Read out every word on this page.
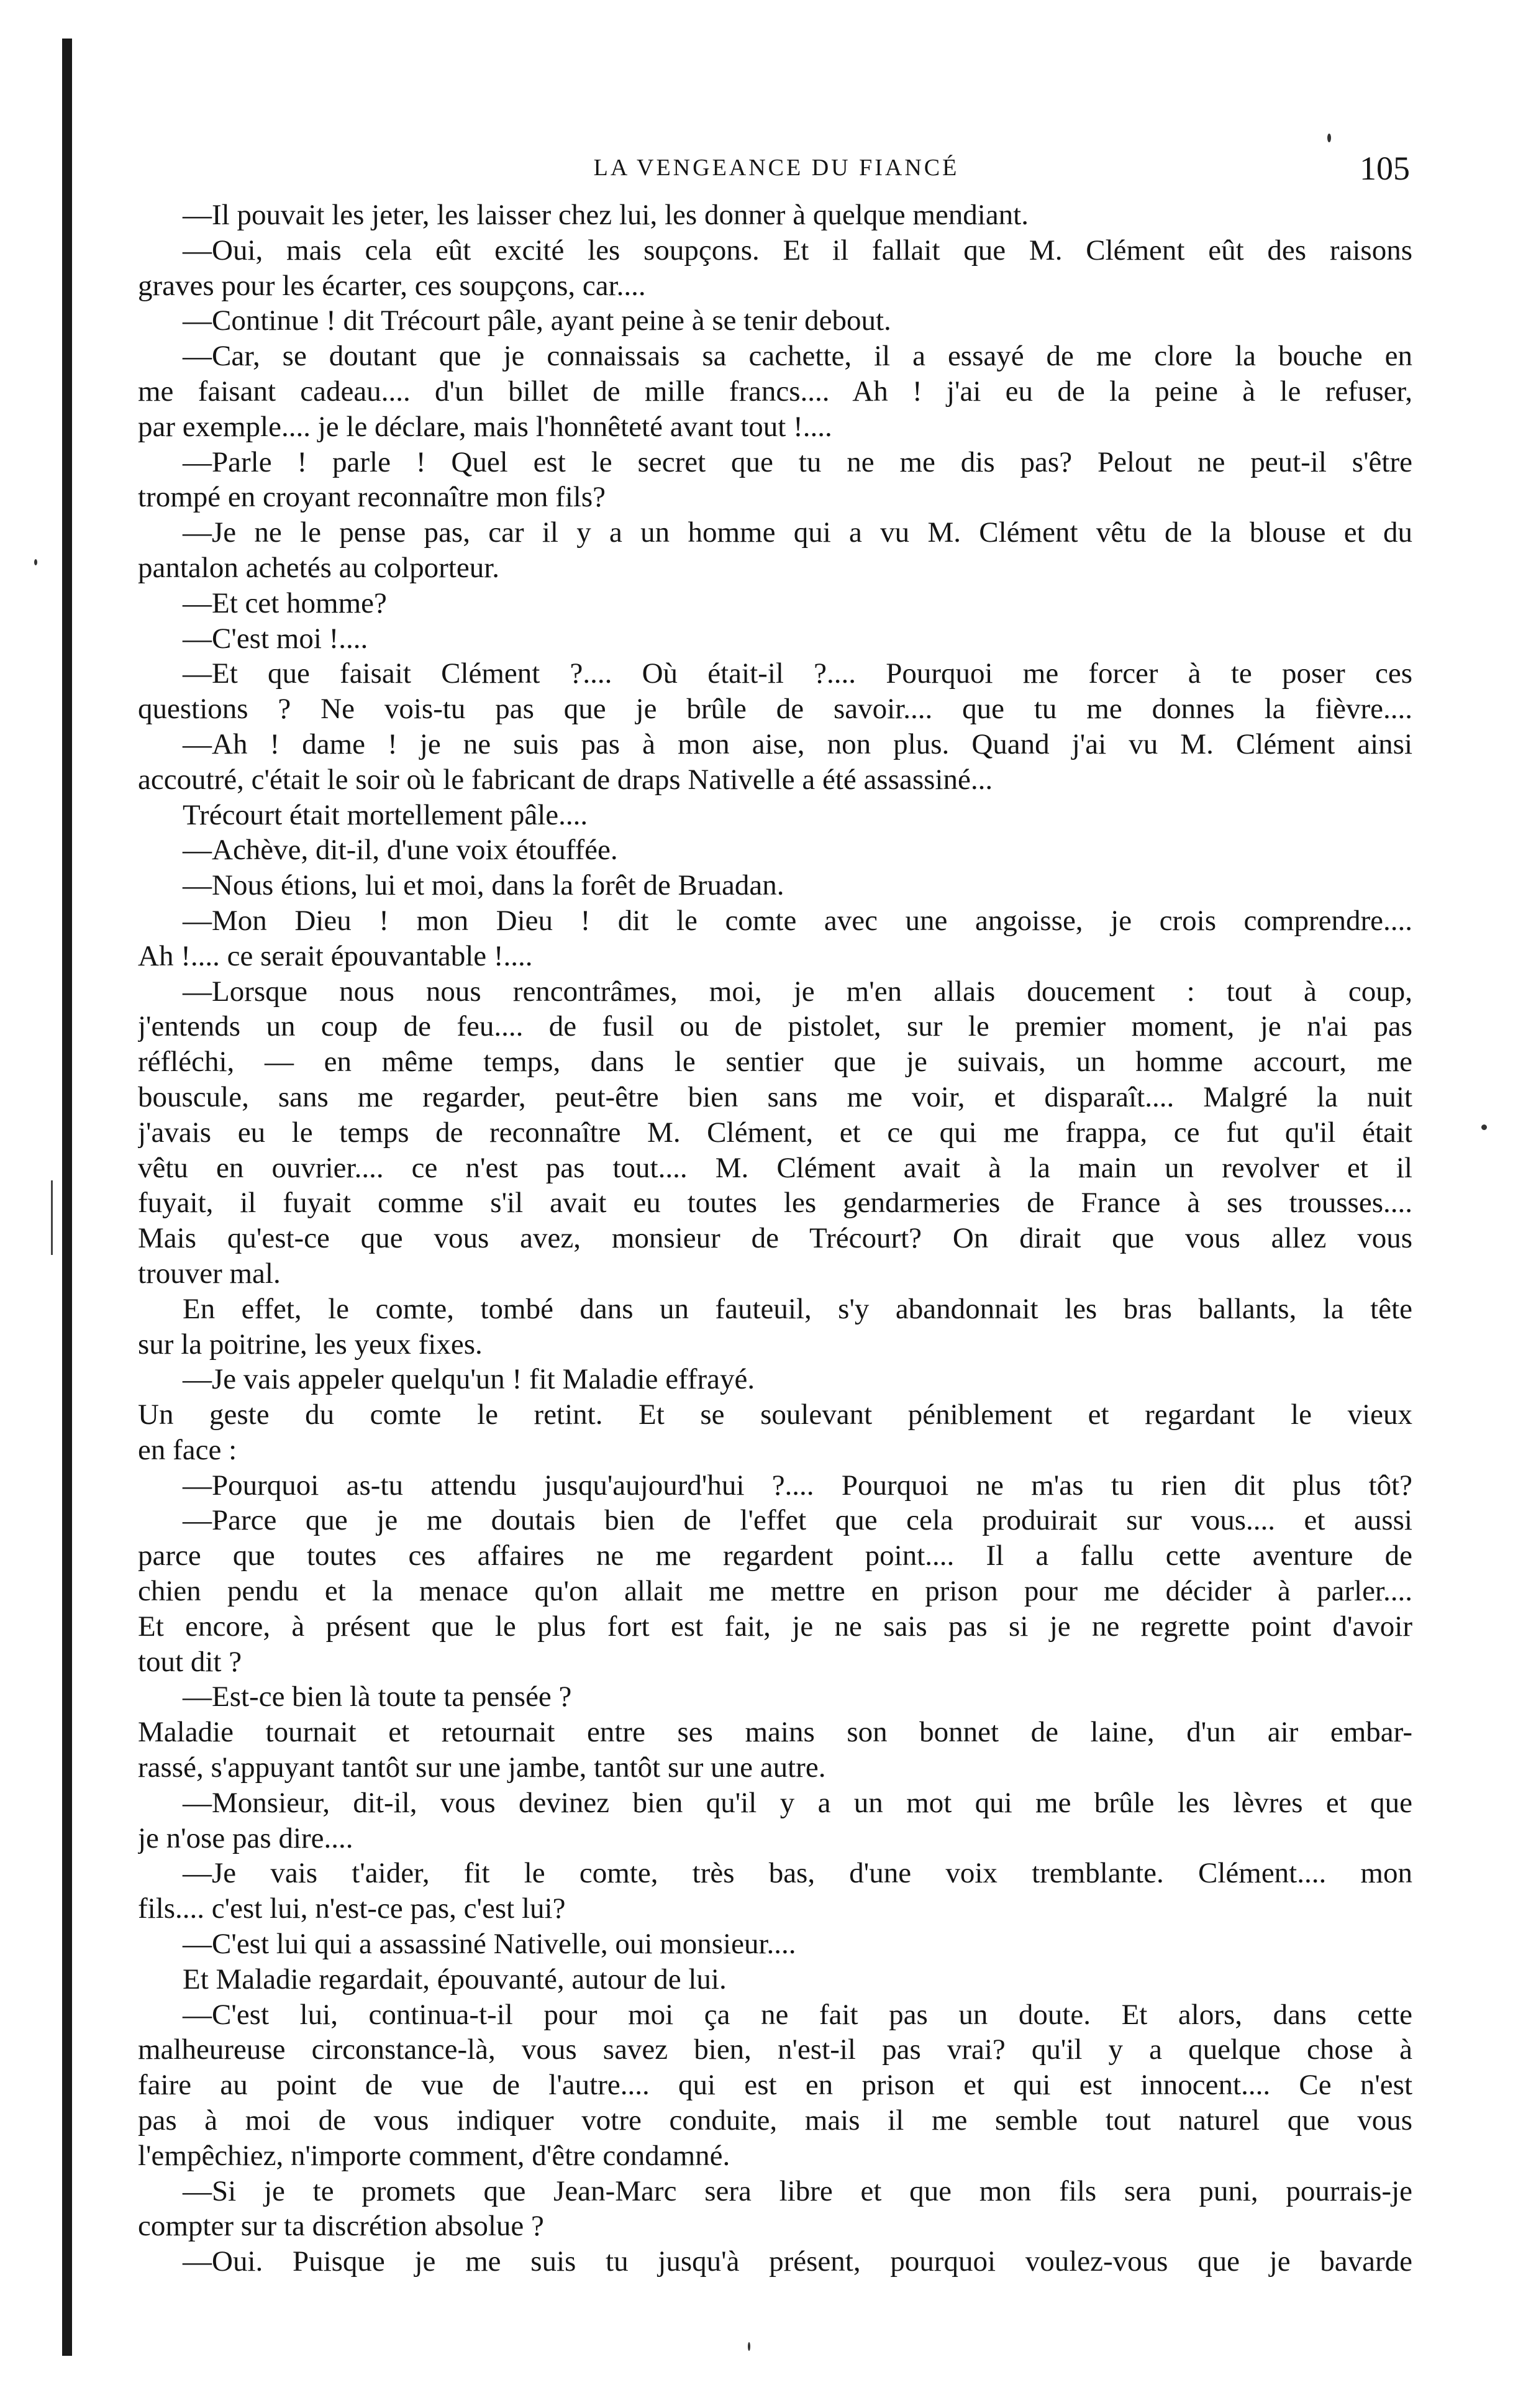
LA VENGEANCE DU FIANCÉ	105
—Il pouvait les jeter, les laisser chez lui, les donner à quelque mendiant.
—Oui, mais cela eût excité les soupçons. Et il fallait que M. Clément eût des raisons
graves pour les écarter, ces soupçons, car....
—Continue ! dit Trécourt pâle, ayant peine à se tenir debout.
—Car, se doutant que je connaissais sa cachette, il a essayé de me clore la bouche en
me faisant cadeau.... d'un billet de mille francs.... Ah ! j'ai eu de la peine à le refuser,
par exemple.... je le déclare, mais l'honnêteté avant tout !....
—Parle ! parle ! Quel est le secret que tu ne me dis pas? Pelout ne peut-il s'être
trompé en croyant reconnaître mon fils?
—Je ne le pense pas, car il y a un homme qui a vu M. Clément vêtu de la blouse et du
pantalon achetés au colporteur.
—Et cet homme?
—C'est moi !....
—Et que faisait Clément ?.... Où était-il ?.... Pourquoi me forcer à te poser ces
questions ? Ne vois-tu pas que je brûle de savoir.... que tu me donnes la fièvre....
—Ah ! dame ! je ne suis pas à mon aise, non plus. Quand j'ai vu M. Clément ainsi
accoutré, c'était le soir où le fabricant de draps Nativelle a été assassiné...
Trécourt était mortellement pâle....
—Achève, dit-il, d'une voix étouffée.
—Nous étions, lui et moi, dans la forêt de Bruadan.
—Mon Dieu ! mon Dieu ! dit le comte avec une angoisse, je crois comprendre....
Ah !.... ce serait épouvantable !....
—Lorsque nous nous rencontrâmes, moi, je m'en allais doucement : tout à coup,
j'entends un coup de feu.... de fusil ou de pistolet, sur le premier moment, je n'ai pas
réfléchi, — en même temps, dans le sentier que je suivais, un homme accourt, me
bouscule, sans me regarder, peut-être bien sans me voir, et disparaît.... Malgré la nuit
j'avais eu le temps de reconnaître M. Clément, et ce qui me frappa, ce fut qu'il était
vêtu en ouvrier.... ce n'est pas tout.... M. Clément avait à la main un revolver et il
fuyait, il fuyait comme s'il avait eu toutes les gendarmeries de France à ses trousses....
Mais qu'est-ce que vous avez, monsieur de Trécourt? On dirait que vous allez vous
trouver mal.
En effet, le comte, tombé dans un fauteuil, s'y abandonnait les bras ballants, la tête
sur la poitrine, les yeux fixes.
—Je vais appeler quelqu'un ! fit Maladie effrayé.
Un geste du comte le retint. Et se soulevant péniblement et regardant le vieux
en face :
—Pourquoi as-tu attendu jusqu'aujourd'hui ?.... Pourquoi ne m'as tu rien dit plus tôt?
—Parce que je me doutais bien de l'effet que cela produirait sur vous.... et aussi
parce que toutes ces affaires ne me regardent point.... Il a fallu cette aventure de
chien pendu et la menace qu'on allait me mettre en prison pour me décider à parler....
Et encore, à présent que le plus fort est fait, je ne sais pas si je ne regrette point d'avoir
tout dit ?
—Est-ce bien là toute ta pensée ?
Maladie tournait et retournait entre ses mains son bonnet de laine, d'un air embar-
rassé, s'appuyant tantôt sur une jambe, tantôt sur une autre.
—Monsieur, dit-il, vous devinez bien qu'il y a un mot qui me brûle les lèvres et que
je n'ose pas dire....
—Je vais t'aider, fit le comte, très bas, d'une voix tremblante. Clément.... mon
fils.... c'est lui, n'est-ce pas, c'est lui?
—C'est lui qui a assassiné Nativelle, oui monsieur....
Et Maladie regardait, épouvanté, autour de lui.
—C'est lui, continua-t-il pour moi ça ne fait pas un doute. Et alors, dans cette
malheureuse circonstance-là, vous savez bien, n'est-il pas vrai? qu'il y a quelque chose à
faire au point de vue de l'autre.... qui est en prison et qui est innocent.... Ce n'est
pas à moi de vous indiquer votre conduite, mais il me semble tout naturel que vous
l'empêchiez, n'importe comment, d'être condamné.
—Si je te promets que Jean-Marc sera libre et que mon fils sera puni, pourrais-je
compter sur ta discrétion absolue ?
—Oui. Puisque je me suis tu jusqu'à présent, pourquoi voulez-vous que je bavarde
